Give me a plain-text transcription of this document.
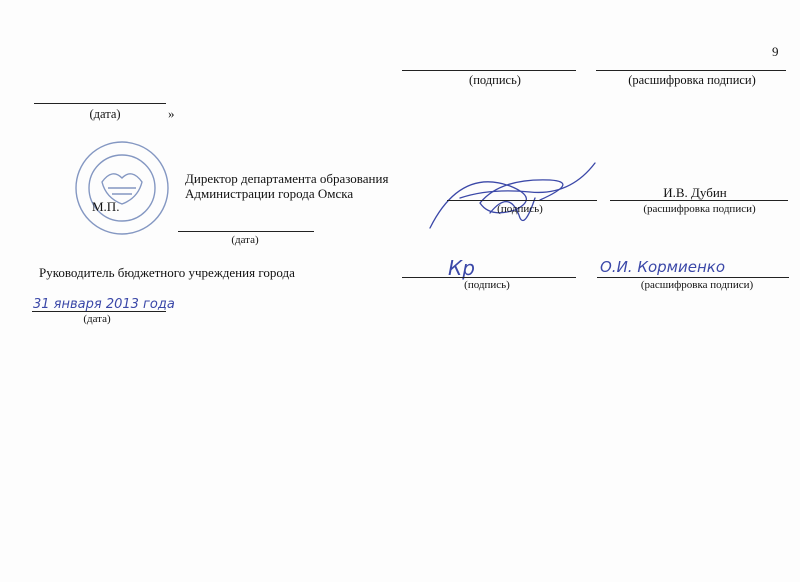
9
(подпись)	(расшифровка подписи)
(дата)	»
М.П.
Директор департамента образования
Администрации города Омска
(дата)
(подпись)
И.В. Дубин
(расшифровка подписи)
Руководитель бюджетного учреждения города	Кр
(подпись)
О.И. Кормиенко
(расшифровка подписи)
31 января 2013 года
(дата)
